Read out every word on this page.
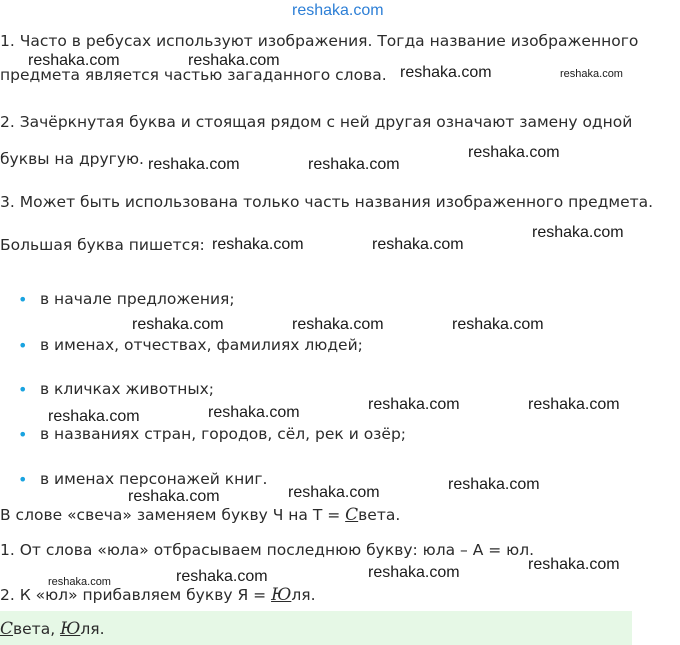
reshaka.com
1. Часто в ребусах используют изображения. Тогда название изображенного
предмета является частью загаданного слова.
2. Зачёркнутая буква и стоящая рядом с ней другая означают замену одной
буквы на другую.
3. Может быть использована только часть названия изображенного предмета.
Большая буква пишется:
• в начале предложения;
• в именах, отчествах, фамилиях людей;
• в кличках животных;
• в названиях стран, городов, сёл, рек и озёр;
• в именах персонажей книг.
В слове «свеча» заменяем букву Ч на Т = Света.
1. От слова «юла» отбрасываем последнюю букву: юла – А = юл.
2. К «юл» прибавляем букву Я = Юля.
Света, Юля.
reshaka.com	reshaka.com
reshaka.com	reshaka.com
reshaka.com
reshaka.com	reshaka.com
reshaka.com
reshaka.com	reshaka.com
reshaka.com	reshaka.com	reshaka.com
reshaka.com	reshaka.com
reshaka.com
reshaka.com
reshaka.com
reshaka.com
reshaka.com
reshaka.com
reshaka.com
reshaka.com
reshaka.com
